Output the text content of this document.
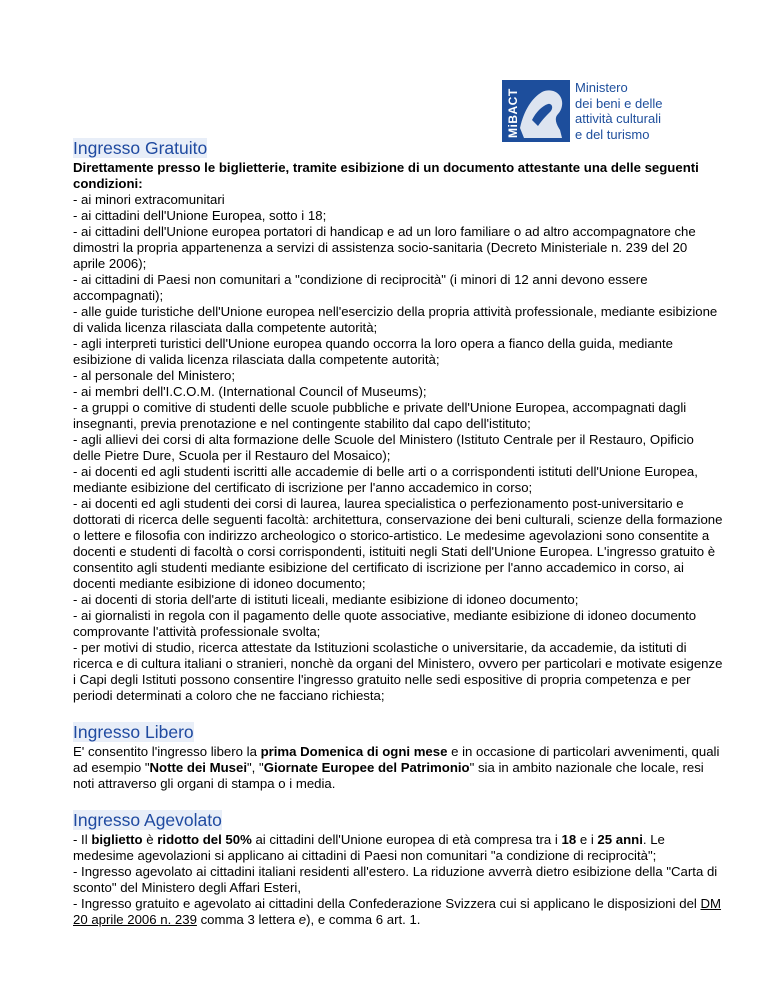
MiBACT
Ministero
dei beni e delle
attività culturali
e del turismo
Ingresso Gratuito

Direttamente presso le biglietterie, tramite esibizione di un documento attestante una delle seguenti condizioni:

- ai minori extracomunitari

- ai cittadini dell'Unione Europea, sotto i 18;

- ai cittadini dell'Unione europea portatori di handicap e ad un loro familiare o ad altro accompagnatore che dimostri la propria appartenenza a servizi di assistenza socio-sanitaria (Decreto Ministeriale n. 239 del 20 aprile 2006);

- ai cittadini di Paesi non comunitari a "condizione di reciprocità" (i minori di 12 anni devono essere accompagnati);

- alle guide turistiche dell'Unione europea nell'esercizio della propria attività professionale, mediante esibizione di valida licenza rilasciata dalla competente autorità;

- agli interpreti turistici dell'Unione europea quando occorra la loro opera a fianco della guida, mediante esibizione di valida licenza rilasciata dalla competente autorità;

- al personale del Ministero;

- ai membri dell'I.C.O.M. (International Council of Museums);

- a gruppi o comitive di studenti delle scuole pubbliche e private dell'Unione Europea, accompagnati dagli insegnanti, previa prenotazione e nel contingente stabilito dal capo dell'istituto;

- agli allievi dei corsi di alta formazione delle Scuole del Ministero (Istituto Centrale per il Restauro, Opificio delle Pietre Dure, Scuola per il Restauro del Mosaico);

- ai docenti ed agli studenti iscritti alle accademie di belle arti o a corrispondenti istituti dell'Unione Europea, mediante esibizione del certificato di iscrizione per l'anno accademico in corso;

- ai docenti ed agli studenti dei corsi di laurea, laurea specialistica o perfezionamento post-universitario e dottorati di ricerca delle seguenti facoltà: architettura, conservazione dei beni culturali, scienze della formazione o lettere e filosofia con indirizzo archeologico o storico-artistico. Le medesime agevolazioni sono consentite a docenti e studenti di facoltà o corsi corrispondenti, istituiti negli Stati dell'Unione Europea. L'ingresso gratuito è consentito agli studenti mediante esibizione del certificato di iscrizione per l'anno accademico in corso, ai docenti mediante esibizione di idoneo documento;

- ai docenti di storia dell'arte di istituti liceali, mediante esibizione di idoneo documento;

- ai giornalisti in regola con il pagamento delle quote associative, mediante esibizione di idoneo documento comprovante l'attività professionale svolta;

- per motivi di studio, ricerca attestate da Istituzioni scolastiche o universitarie, da accademie, da istituti di ricerca e di cultura italiani o stranieri, nonchè da organi del Ministero, ovvero per particolari e motivate esigenze i Capi degli Istituti possono consentire l'ingresso gratuito nelle sedi espositive di propria competenza e per periodi determinati a coloro che ne facciano richiesta;

Ingresso Libero

E' consentito l'ingresso libero la prima Domenica di ogni mese e in occasione di particolari avvenimenti, quali ad esempio "Notte dei Musei", "Giornate Europee del Patrimonio" sia in ambito nazionale che locale, resi noti attraverso gli organi di stampa o i media.

Ingresso Agevolato

- Il biglietto è ridotto del 50% ai cittadini dell'Unione europea di età compresa tra i 18 e i 25 anni. Le medesime agevolazioni si applicano ai cittadini di Paesi non comunitari "a condizione di reciprocità";

- Ingresso agevolato ai cittadini italiani residenti all'estero. La riduzione avverrà dietro esibizione della "Carta di sconto" del Ministero degli Affari Esteri,

- Ingresso gratuito e agevolato ai cittadini della Confederazione Svizzera cui si applicano le disposizioni del DM 20 aprile 2006 n. 239 comma 3 lettera e), e comma 6 art. 1.
